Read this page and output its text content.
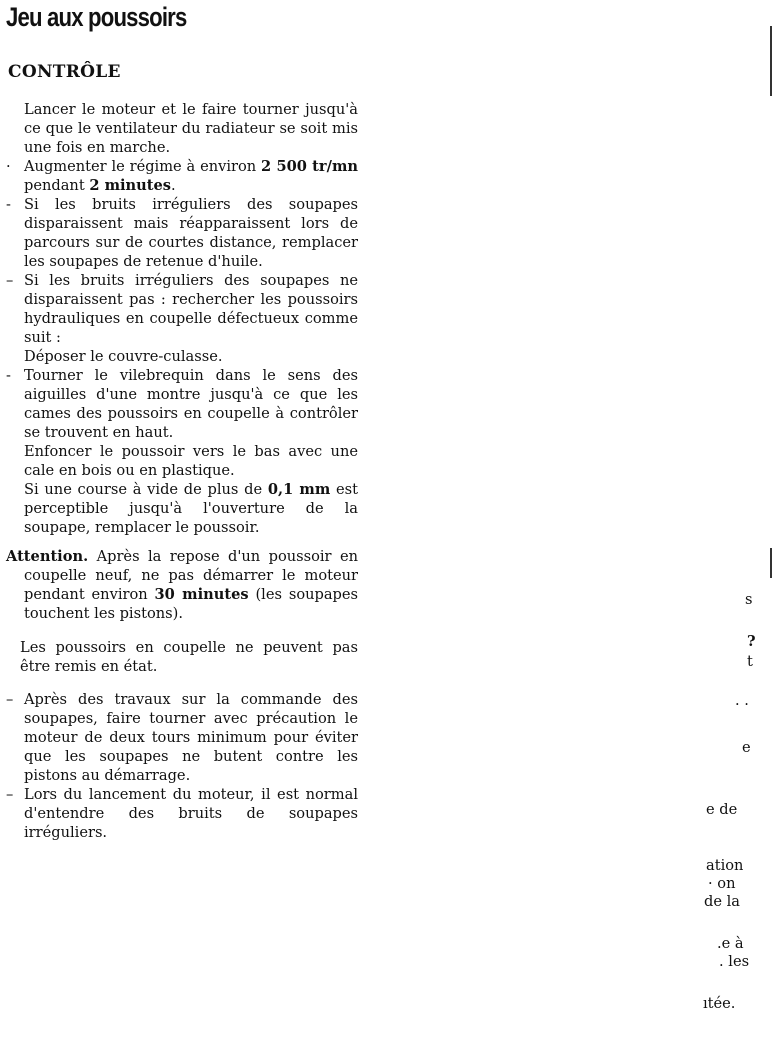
Jeu aux poussoirs
CONTRÔLE

Lancer le moteur et le faire tourner jusqu'à ce que le ventilateur du radiateur se soit mis une fois en marche.

· Augmenter le régime à environ 2 500 tr/mn pendant 2 minutes.

- Si les bruits irréguliers des soupapes disparaissent mais réapparaissent lors de parcours sur de courtes distance, remplacer les soupapes de retenue d'huile.

– Si les bruits irréguliers des soupapes ne disparaissent pas : rechercher les poussoirs hydrauliques en coupelle défectueux comme suit :

Déposer le couvre-culasse.

- Tourner le vilebrequin dans le sens des aiguilles d'une montre jusqu'à ce que les cames des poussoirs en coupelle à contrôler se trouvent en haut.

Enfoncer le poussoir vers le bas avec une cale en bois ou en plastique.

Si une course à vide de plus de 0,1 mm est perceptible jusqu'à l'ouverture de la soupape, remplacer le poussoir.

Attention. Après la repose d'un poussoir en coupelle neuf, ne pas démarrer le moteur pendant environ 30 minutes (les soupapes touchent les pistons).

Les poussoirs en coupelle ne peuvent pas être remis en état.

– Après des travaux sur la commande des soupapes, faire tourner avec précaution le moteur de deux tours minimum pour éviter que les soupapes ne butent contre les pistons au démarrage.

– Lors du lancement du moteur, il est normal d'entendre des bruits de soupapes irréguliers.

s
?
t
· ·
e
e de
ation
· on
de la
.e à
. les
ıtée.
